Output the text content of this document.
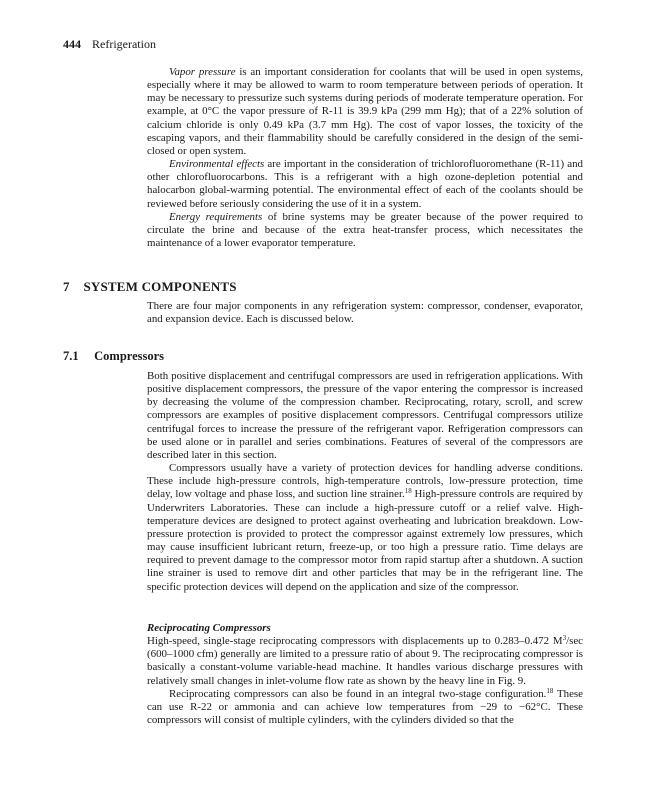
444 Refrigeration

Vapor pressure is an important consideration for coolants that will be used in open systems, especially where it may be allowed to warm to room temperature between periods of operation. It may be necessary to pressurize such systems during periods of moderate temperature operation. For example, at 0°C the vapor pressure of R-11 is 39.9 kPa (299 mm Hg); that of a 22% solution of calcium chloride is only 0.49 kPa (3.7 mm Hg). The cost of vapor losses, the toxicity of the escaping vapors, and their flammability should be carefully considered in the design of the semi-closed or open system.

Environmental effects are important in the consideration of trichlorofluoromethane (R-11) and other chlorofluorocarbons. This is a refrigerant with a high ozone-depletion potential and halocarbon global-warming potential. The environmental effect of each of the coolants should be reviewed before seriously considering the use of it in a system.

Energy requirements of brine systems may be greater because of the power required to circulate the brine and because of the extra heat-transfer process, which necessitates the maintenance of a lower evaporator temperature.

7 SYSTEM COMPONENTS

There are four major components in any refrigeration system: compressor, condenser, evaporator, and expansion device. Each is discussed below.

7.1 Compressors

Both positive displacement and centrifugal compressors are used in refrigeration applications. With positive displacement compressors, the pressure of the vapor entering the compressor is increased by decreasing the volume of the compression chamber. Reciprocating, rotary, scroll, and screw compressors are examples of positive displacement compressors. Centrifugal compressors utilize centrifugal forces to increase the pressure of the refrigerant vapor. Refrigeration compressors can be used alone or in parallel and series combinations. Features of several of the compressors are described later in this section.

Compressors usually have a variety of protection devices for handling adverse conditions. These include high-pressure controls, high-temperature controls, low-pressure protection, time delay, low voltage and phase loss, and suction line strainer.$^{18}$ High-pressure controls are required by Underwriters Laboratories. These can include a high-pressure cutoff or a relief valve. High-temperature devices are designed to protect against overheating and lubrication breakdown. Low-pressure protection is provided to protect the compressor against extremely low pressures, which may cause insufficient lubricant return, freeze-up, or too high a pressure ratio. Time delays are required to prevent damage to the compressor motor from rapid startup after a shutdown. A suction line strainer is used to remove dirt and other particles that may be in the refrigerant line. The specific protection devices will depend on the application and size of the compressor.

Reciprocating Compressors

High-speed, single-stage reciprocating compressors with displacements up to 0.283–0.472 $M^3/\sec$ (600–1000 cfm) generally are limited to a pressure ratio of about 9. The reciprocating compressor is basically a constant-volume variable-head machine. It handles various discharge pressures with relatively small changes in inlet-volume flow rate as shown by the heavy line in Fig. 9.

Reciprocating compressors can also be found in an integral two-stage configuration.$^{18}$ These can use R-22 or ammonia and can achieve low temperatures from −29 to −62°C. These compressors will consist of multiple cylinders, with the cylinders divided so that the
